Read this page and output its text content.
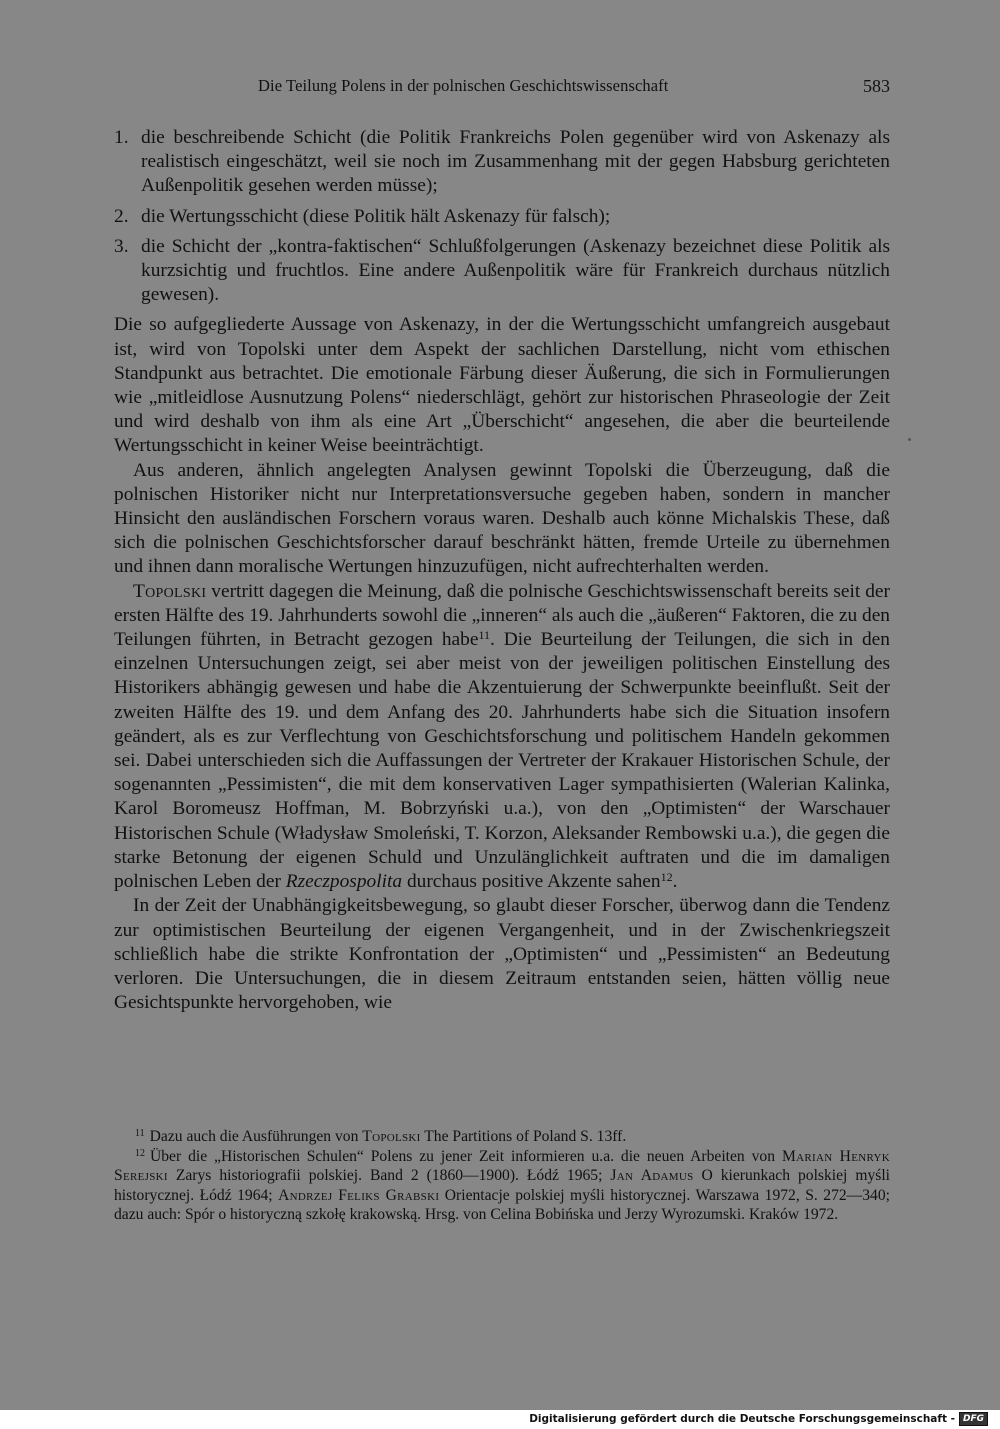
Die Teilung Polens in der polnischen Geschichtswissenschaft	583
1. die beschreibende Schicht (die Politik Frankreichs Polen gegenüber wird von Askenazy als realistisch eingeschätzt, weil sie noch im Zusammenhang mit der gegen Habsburg gerichteten Außenpolitik gesehen werden müsse);
2. die Wertungsschicht (diese Politik hält Askenazy für falsch);
3. die Schicht der „kontra-faktischen“ Schlußfolgerungen (Askenazy bezeichnet diese Politik als kurzsichtig und fruchtlos. Eine andere Außenpolitik wäre für Frankreich durchaus nützlich gewesen).

Die so aufgegliederte Aussage von Askenazy, in der die Wertungsschicht umfangreich ausgebaut ist, wird von Topolski unter dem Aspekt der sachlichen Darstellung, nicht vom ethischen Standpunkt aus betrachtet. Die emotionale Färbung dieser Äußerung, die sich in Formulierungen wie „mitleidlose Ausnutzung Polens“ niederschlägt, gehört zur historischen Phraseologie der Zeit und wird deshalb von ihm als eine Art „Überschicht“ angesehen, die aber die beurteilende Wertungsschicht in keiner Weise beeinträchtigt.

Aus anderen, ähnlich angelegten Analysen gewinnt Topolski die Überzeugung, daß die polnischen Historiker nicht nur Interpretationsversuche gegeben haben, sondern in mancher Hinsicht den ausländischen Forschern voraus waren. Deshalb auch könne Michalskis These, daß sich die polnischen Geschichtsforscher darauf beschränkt hätten, fremde Urteile zu übernehmen und ihnen dann moralische Wertungen hinzuzufügen, nicht aufrechterhalten werden.

Topolski vertritt dagegen die Meinung, daß die polnische Geschichtswissenschaft bereits seit der ersten Hälfte des 19. Jahrhunderts sowohl die „inneren“ als auch die „äußeren“ Faktoren, die zu den Teilungen führten, in Betracht gezogen habe$^{11}$. Die Beurteilung der Teilungen, die sich in den einzelnen Untersuchungen zeigt, sei aber meist von der jeweiligen politischen Einstellung des Historikers abhängig gewesen und habe die Akzentuierung der Schwerpunkte beeinflußt. Seit der zweiten Hälfte des 19. und dem Anfang des 20. Jahrhunderts habe sich die Situation insofern geändert, als es zur Verflechtung von Geschichtsforschung und politischem Handeln gekommen sei. Dabei unterschieden sich die Auffassungen der Vertreter der Krakauer Historischen Schule, der sogenannten „Pessimisten“, die mit dem konservativen Lager sympathisierten (Walerian Kalinka, Karol Boromeusz Hoffman, M. Bobrzyński u.a.), von den „Optimisten“ der Warschauer Historischen Schule (Władysław Smoleński, T. Korzon, Aleksander Rembowski u.a.), die gegen die starke Betonung der eigenen Schuld und Unzulänglichkeit auftraten und die im damaligen polnischen Leben der Rzeczpospolita durchaus positive Akzente sahen$^{12}$.

In der Zeit der Unabhängigkeitsbewegung, so glaubt dieser Forscher, überwog dann die Tendenz zur optimistischen Beurteilung der eigenen Vergangenheit, und in der Zwischenkriegszeit schließlich habe die strikte Konfrontation der „Optimisten“ und „Pessimisten“ an Bedeutung verloren. Die Untersuchungen, die in diesem Zeitraum entstanden seien, hätten völlig neue Gesichtspunkte hervorgehoben, wie

$^{11}$ Dazu auch die Ausführungen von Topolski The Partitions of Poland S. 13ff.

$^{12}$ Über die „Historischen Schulen“ Polens zu jener Zeit informieren u.a. die neuen Arbeiten von Marian Henryk Serejski Zarys historiografii polskiej. Band 2 (1860—1900). Łódź 1965; Jan Adamus O kierunkach polskiej myśli historycznej. Łódź 1964; Andrzej Feliks Grabski Orientacje polskiej myśli historycznej. Warszawa 1972, S. 272—340; dazu auch: Spór o historyczną szkołę krakowską. Hrsg. von Celina Bobińska und Jerzy Wyrozumski. Kraków 1972.

Digitalisierung gefördert durch die Deutsche Forschungsgemeinschaft - DFG
